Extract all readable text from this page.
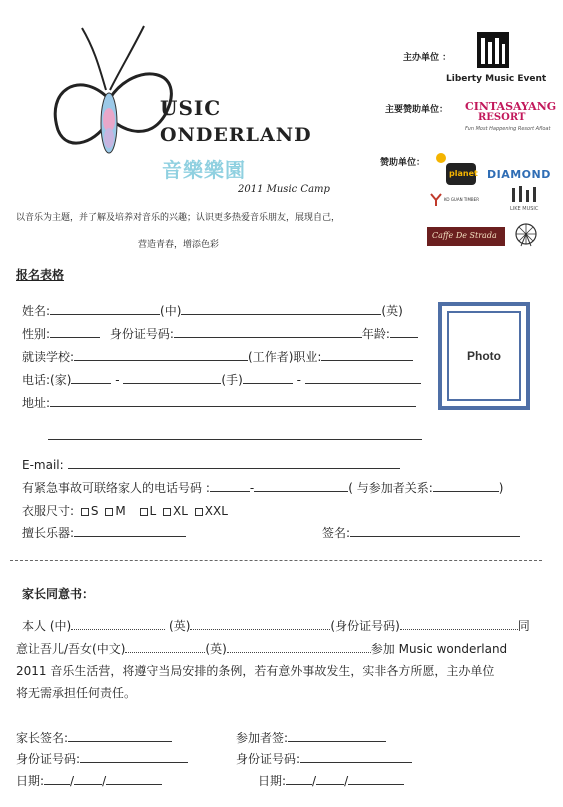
USIC
ONDERLAND
音樂樂園
2011 Music Camp
主办单位 ：
Liberty Music Event
主要赞助单位： CINTASAYANG
RESORT
Fun Most Happening Resort Afloat
赞助单位：
planet DIAMOND
KO GUAN TIMBER
LIKE MUSIC
Caffe De Strada
以音乐为主题，并了解及培养对音乐的兴趣；认识更多热爱音乐朋友，展现自己，
营造青春，增添色彩
报名表格
姓名:	(中)	(英)
性别:	身份证号码:	年龄:
就读学校:	(工作者)职业:
电话:(家)	-	(手)	-
地址:
Photo
E-mail:
有紧急事故可联络家人的电话号码 :	-	( 与参加者关系:	)
衣服尺寸: S M L XL XXL
擅长乐器:	签名:
家长同意书：
本人 (中)	(英)	(身份证号码)	同
意让吾儿/吾女(中文)	(英)	参加 Music wonderland
2011 音乐生活营，将遵守当局安排的条例，若有意外事故发生，实非各方所愿，主办单位
将无需承担任何责任。
家长签名:
身份证号码:
日期: / /
参加者签:
身份证号码:
日期: / /
